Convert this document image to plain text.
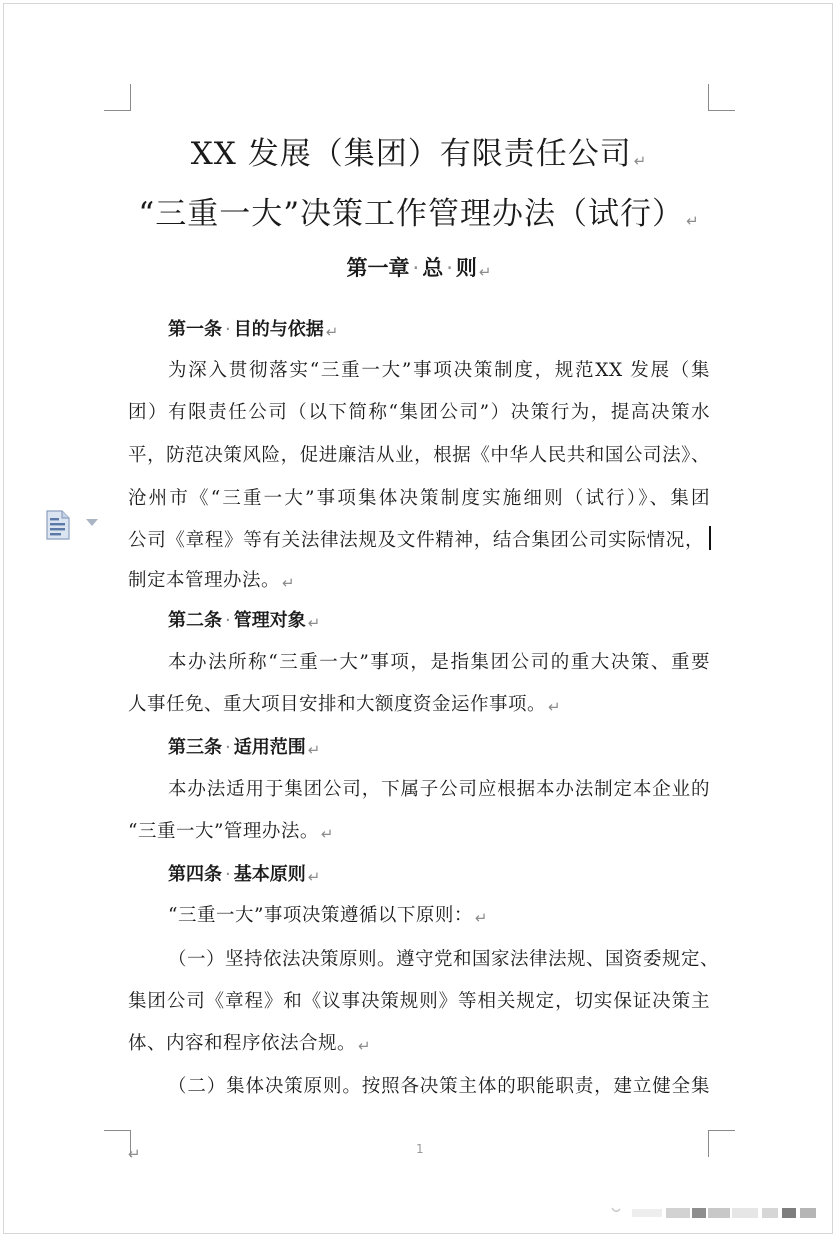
XX 发展（集团）有限责任公司 ↵
“三重一大”决策工作管理办法（试行） ↵
第一章 · 总 · 则 ↵
第一条 · 目的与依据 ↵
为深入贯彻落实“三重一大”事项决策制度，规范XX 发展（集
团）有限责任公司（以下简称“集团公司”）决策行为，提高决策水
平，防范决策风险，促进廉洁从业，根据《中华人民共和国公司法》、
沧州市《“三重一大”事项集体决策制度实施细则（试行）》、集团
公司《章程》等有关法律法规及文件精神，结合集团公司实际情况，
制定本管理办法。 ↵
第二条 · 管理对象 ↵
本办法所称“三重一大”事项，是指集团公司的重大决策、重要
人事任免、重大项目安排和大额度资金运作事项。 ↵
第三条 · 适用范围 ↵
本办法适用于集团公司，下属子公司应根据本办法制定本企业的
“三重一大”管理办法。 ↵
第四条 · 基本原则 ↵
“三重一大”事项决策遵循以下原则： ↵
（一）坚持依法决策原则。遵守党和国家法律法规、国资委规定、
集团公司《章程》和《议事决策规则》等相关规定，切实保证决策主
体、内容和程序依法合规。 ↵
（二）集体决策原则。按照各决策主体的职能职责，建立健全集
↵	1
